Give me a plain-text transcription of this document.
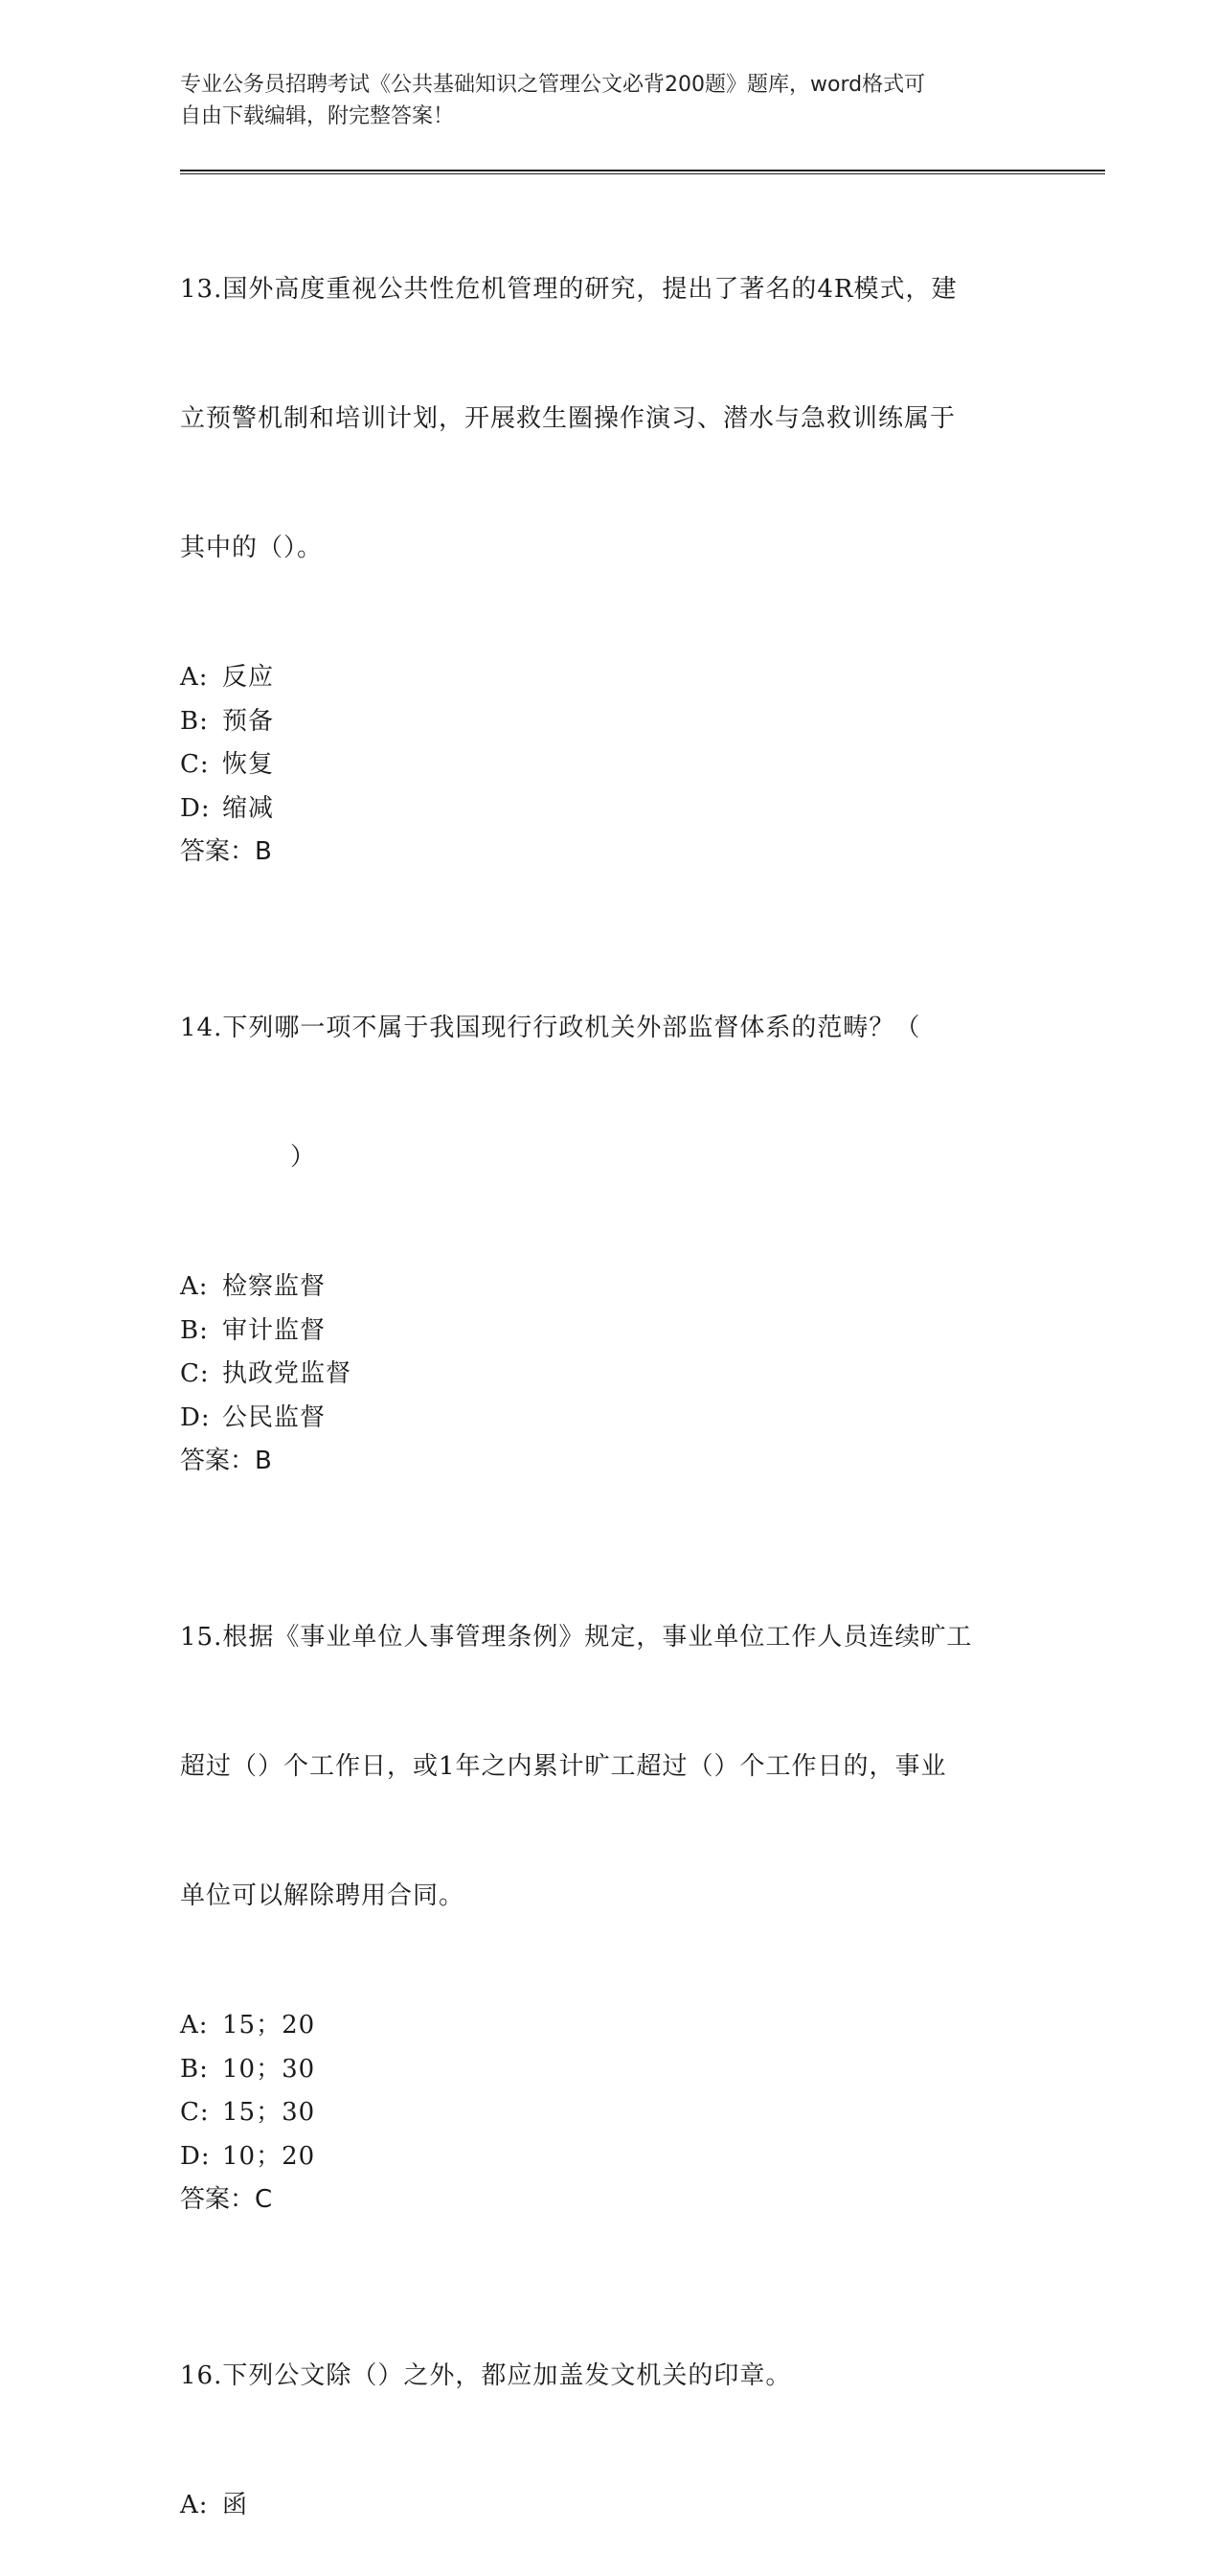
专业公务员招聘考试《公共基础知识之管理公文必背200题》题库，word格式可
自由下载编辑，附完整答案！

13.国外高度重视公共性危机管理的研究，提出了著名的4R模式，建

立预警机制和培训计划，开展救生圈操作演习、潜水与急救训练属于

其中的（）。

A: 反应
B: 预备
C: 恢复
D: 缩减
答案：B

14.下列哪一项不属于我国现行行政机关外部监督体系的范畴？（

）

A: 检察监督
B: 审计监督
C: 执政党监督
D: 公民监督
答案：B

15.根据《事业单位人事管理条例》规定，事业单位工作人员连续旷工

超过（）个工作日，或1年之内累计旷工超过（）个工作日的，事业

单位可以解除聘用合同。

A: 15；20
B: 10；30
C: 15；30
D: 10；20
答案：C

16.下列公文除（）之外，都应加盖发文机关的印章。

A: 函
